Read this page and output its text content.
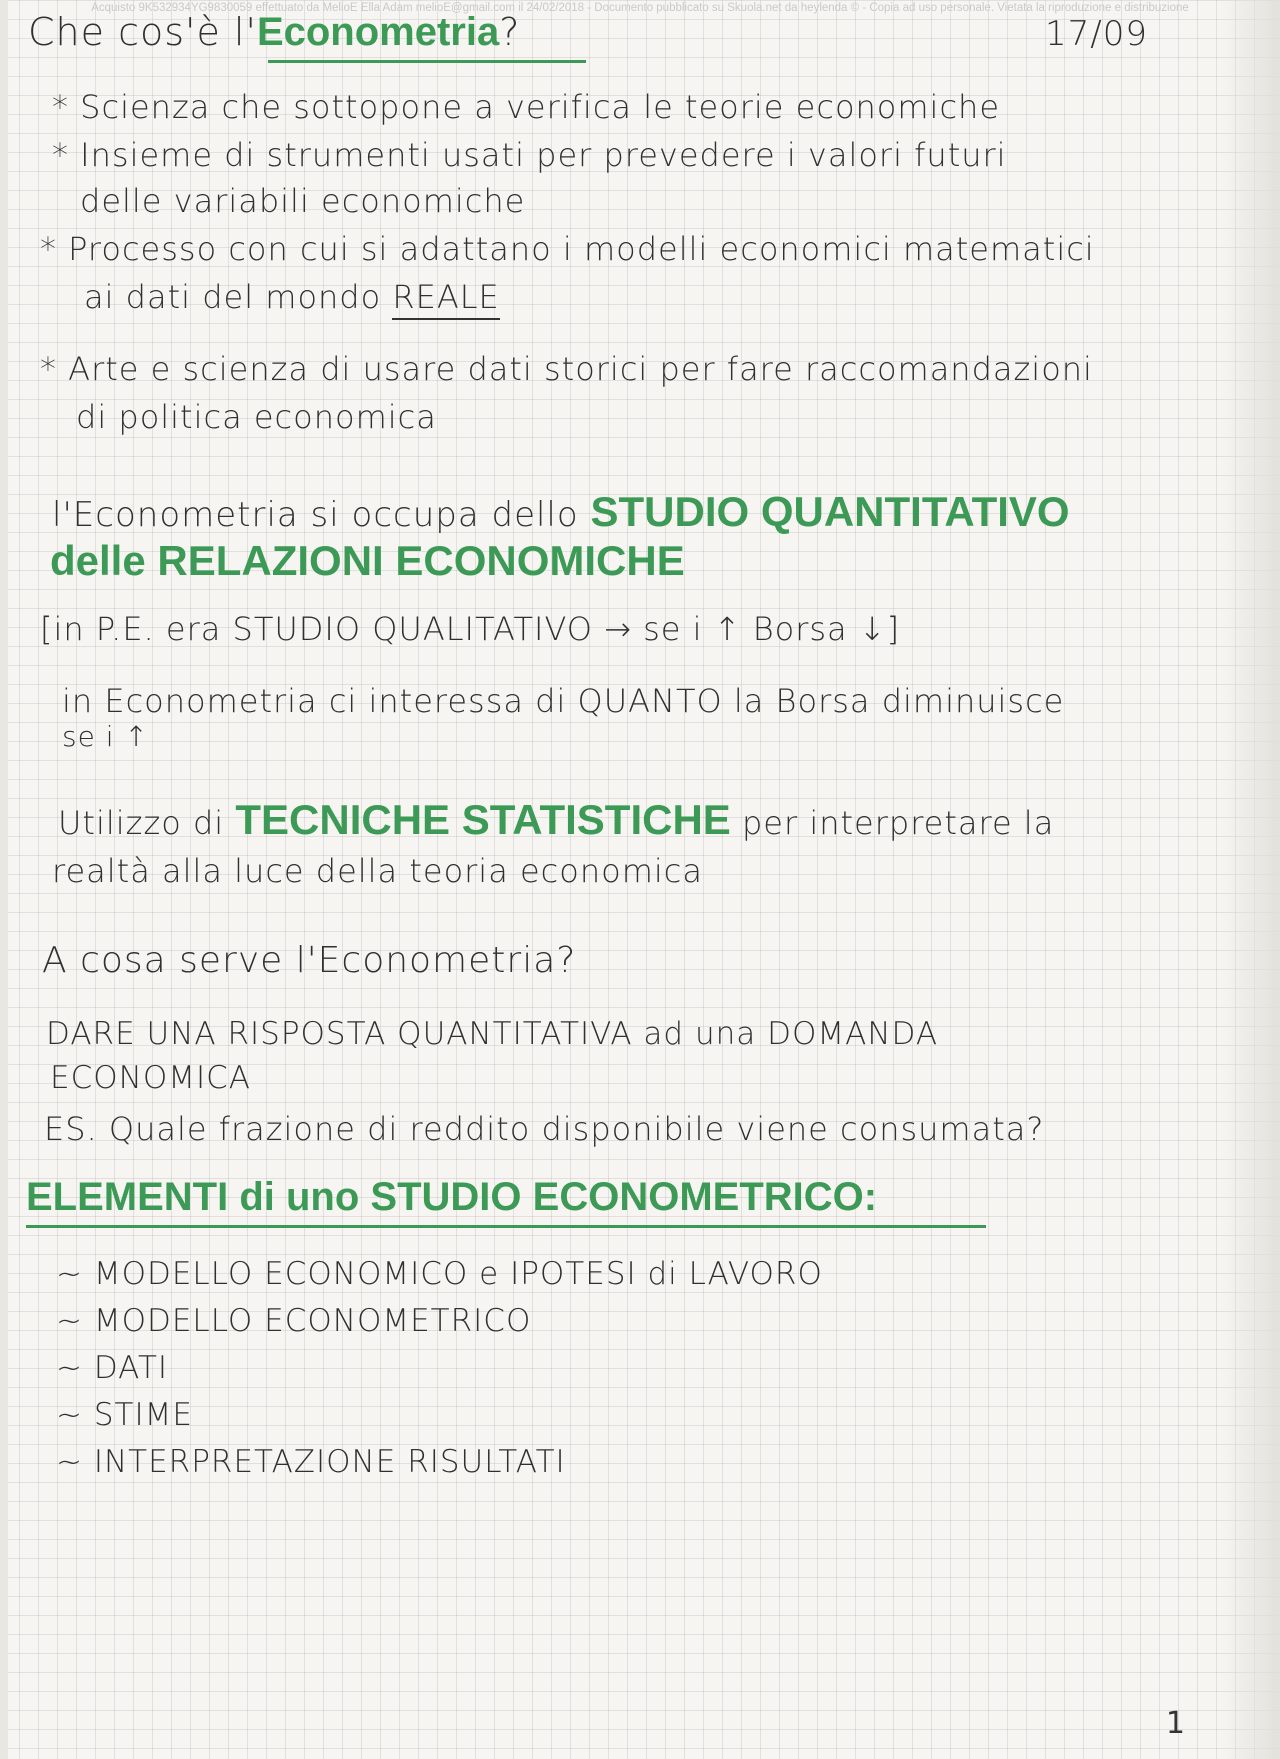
Acquisto 9K532934YG9830059 effettuato da MelioE Ella Adam melioE@gmail.com il 24/02/2018 - Documento pubblicato su Skuola.net da heylenda © - Copia ad uso personale. Vietata la riproduzione e distribuzione
Che cos'è l'Econometria?	17/09
* Scienza che sottopone a verifica le teorie economiche
* Insieme di strumenti usati per prevedere i valori futuri
delle variabili economiche
* Processo con cui si adattano i modelli economici matematici
ai dati del mondo REALE
* Arte e scienza di usare dati storici per fare raccomandazioni
di politica economica
l'Econometria si occupa dello STUDIO QUANTITATIVO
delle RELAZIONI ECONOMICHE
[in P.E. era STUDIO QUALITATIVO → se i ↑ Borsa ↓]
in Econometria ci interessa di QUANTO la Borsa diminuisce
se i ↑
Utilizzo di TECNICHE STATISTICHE per interpretare la
realtà alla luce della teoria economica
A cosa serve l'Econometria?
DARE UNA RISPOSTA QUANTITATIVA ad una DOMANDA
ECONOMICA
ES. Quale frazione di reddito disponibile viene consumata?
ELEMENTI di uno STUDIO ECONOMETRICO:
~ MODELLO ECONOMICO e IPOTESI di LAVORO
~ MODELLO ECONOMETRICO
~ DATI
~ STIME
~ INTERPRETAZIONE RISULTATI
1
